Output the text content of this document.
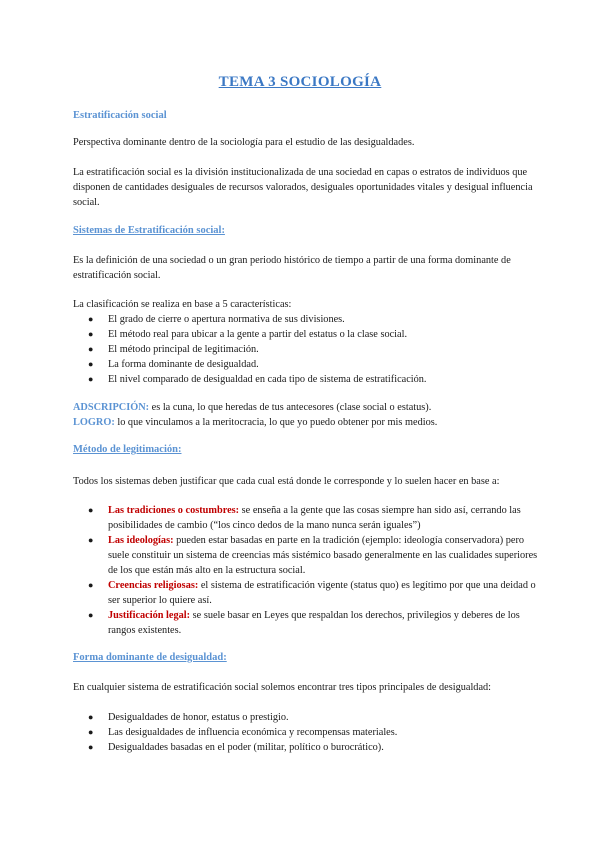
TEMA 3 SOCIOLOGÍA
Estratificación social
Perspectiva dominante dentro de la sociología para el estudio de las desigualdades.
La estratificación social es la división institucionalizada de una sociedad en capas o estratos de individuos que disponen de cantidades desiguales de recursos valorados, desiguales oportunidades vitales y desigual influencia social.
Sistemas de Estratificación social:
Es la definición de una sociedad o un gran periodo histórico de tiempo a partir de una forma dominante de estratificación social.
La clasificación se realiza en base a 5 características:
● El grado de cierre o apertura normativa de sus divisiones.
● El método real para ubicar a la gente a partir del estatus o la clase social.
● El método principal de legitimación.
● La forma dominante de desigualdad.
● El nivel comparado de desigualdad en cada tipo de sistema de estratificación.
ADSCRIPCIÓN: es la cuna, lo que heredas de tus antecesores (clase social o estatus).
LOGRO: lo que vinculamos a la meritocracia, lo que yo puedo obtener por mis medios.
Método de legitimación:
Todos los sistemas deben justificar que cada cual está donde le corresponde y lo suelen hacer en base a:
● Las tradiciones o costumbres: se enseña a la gente que las cosas siempre han sido así, cerrando las posibilidades de cambio (“los cinco dedos de la mano nunca serán iguales”)
● Las ideologías: pueden estar basadas en parte en la tradición (ejemplo: ideología conservadora) pero suele constituir un sistema de creencias más sistémico basado generalmente en las cualidades superiores de los que están más alto en la estructura social.
● Creencias religiosas: el sistema de estratificación vigente (status quo) es legítimo por que una deidad o ser superior lo quiere así.
● Justificación legal: se suele basar en Leyes que respaldan los derechos, privilegios y deberes de los rangos existentes.
Forma dominante de desigualdad:
En cualquier sistema de estratificación social solemos encontrar tres tipos principales de desigualdad:
● Desigualdades de honor, estatus o prestigio.
● Las desigualdades de influencia económica y recompensas materiales.
● Desigualdades basadas en el poder (militar, político o burocrático).
